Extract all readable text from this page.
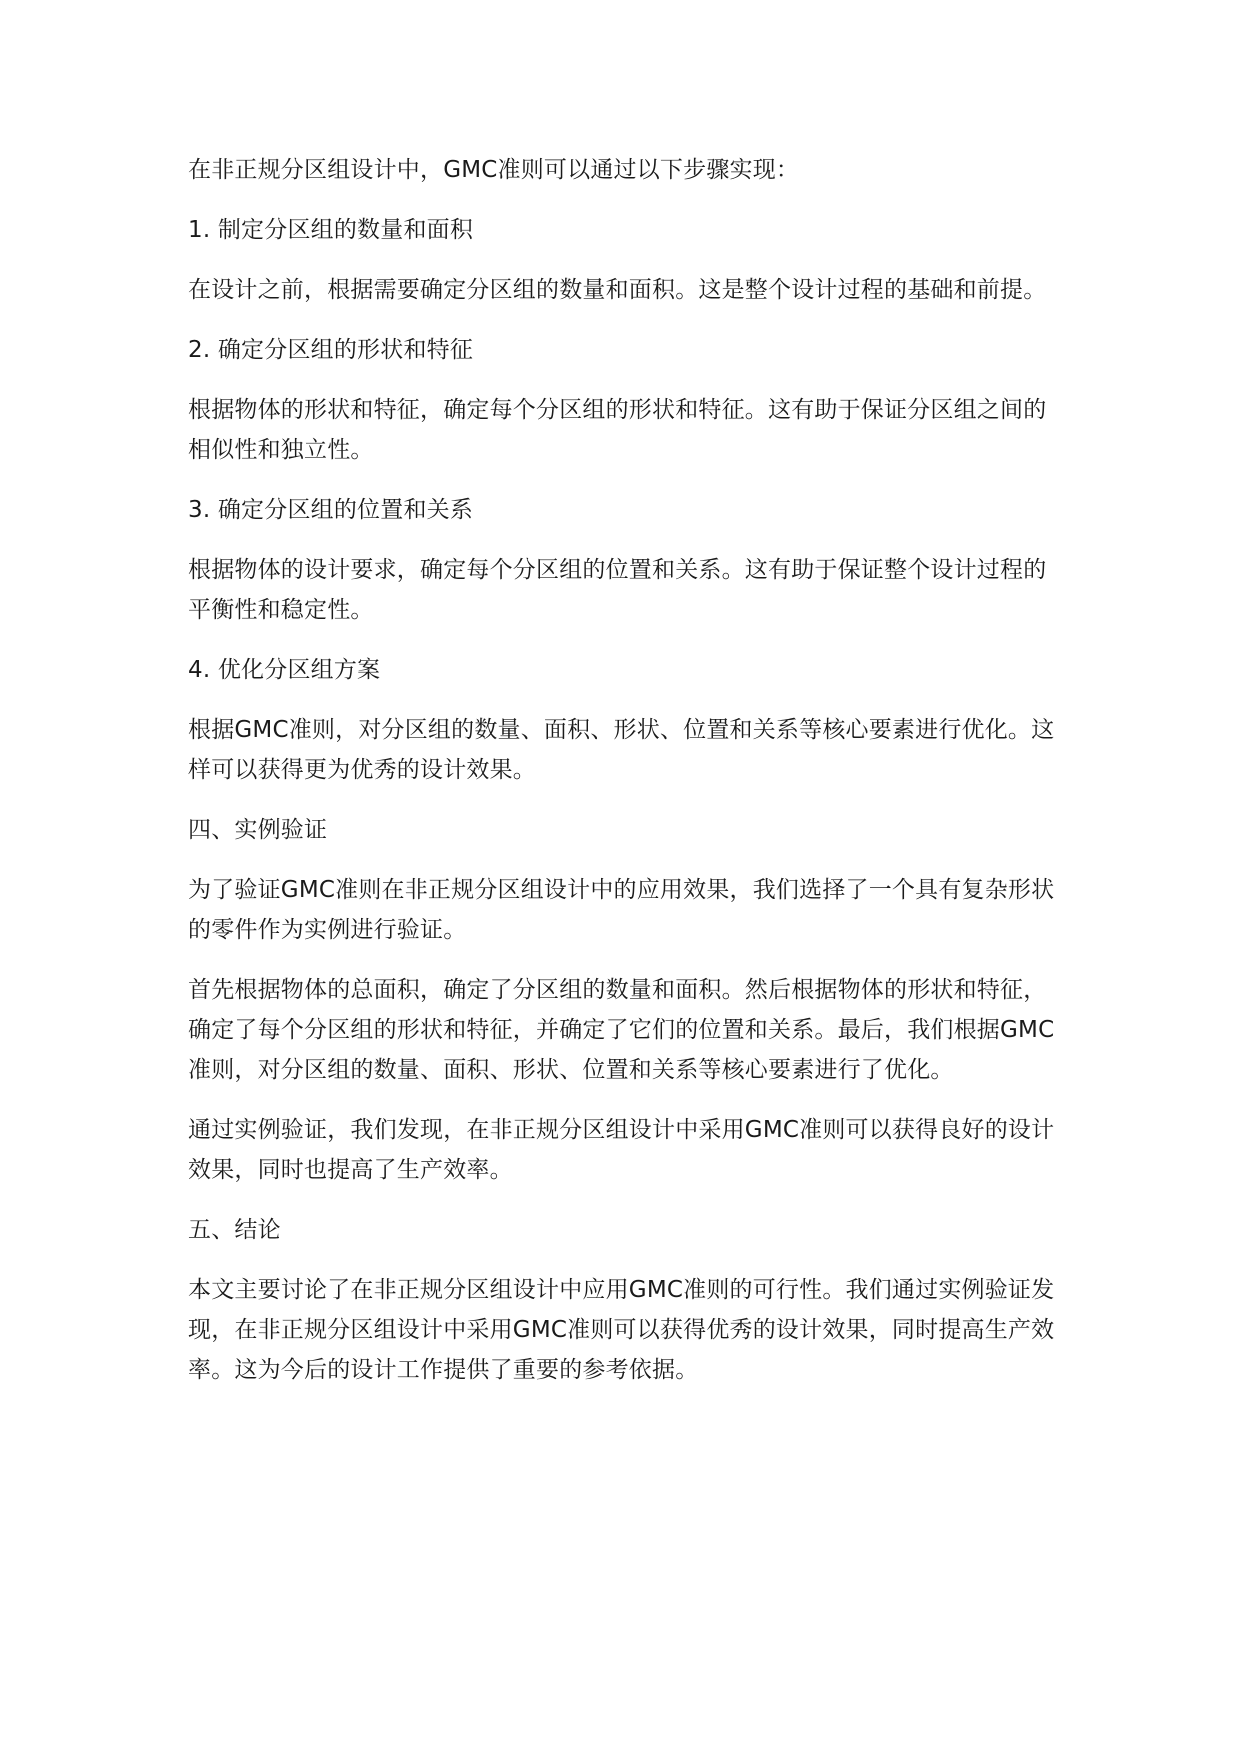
在非正规分区组设计中，GMC准则可以通过以下步骤实现：

1. 制定分区组的数量和面积

在设计之前，根据需要确定分区组的数量和面积。这是整个设计过程的基础和前提。

2. 确定分区组的形状和特征

根据物体的形状和特征，确定每个分区组的形状和特征。这有助于保证分区组之间的相似性和独立性。

3. 确定分区组的位置和关系

根据物体的设计要求，确定每个分区组的位置和关系。这有助于保证整个设计过程的平衡性和稳定性。

4. 优化分区组方案

根据GMC准则，对分区组的数量、面积、形状、位置和关系等核心要素进行优化。这样可以获得更为优秀的设计效果。

四、实例验证

为了验证GMC准则在非正规分区组设计中的应用效果，我们选择了一个具有复杂形状的零件作为实例进行验证。

首先根据物体的总面积，确定了分区组的数量和面积。然后根据物体的形状和特征，确定了每个分区组的形状和特征，并确定了它们的位置和关系。最后，我们根据GMC准则，对分区组的数量、面积、形状、位置和关系等核心要素进行了优化。

通过实例验证，我们发现，在非正规分区组设计中采用GMC准则可以获得良好的设计效果，同时也提高了生产效率。

五、结论

本文主要讨论了在非正规分区组设计中应用GMC准则的可行性。我们通过实例验证发现，在非正规分区组设计中采用GMC准则可以获得优秀的设计效果，同时提高生产效率。这为今后的设计工作提供了重要的参考依据。
